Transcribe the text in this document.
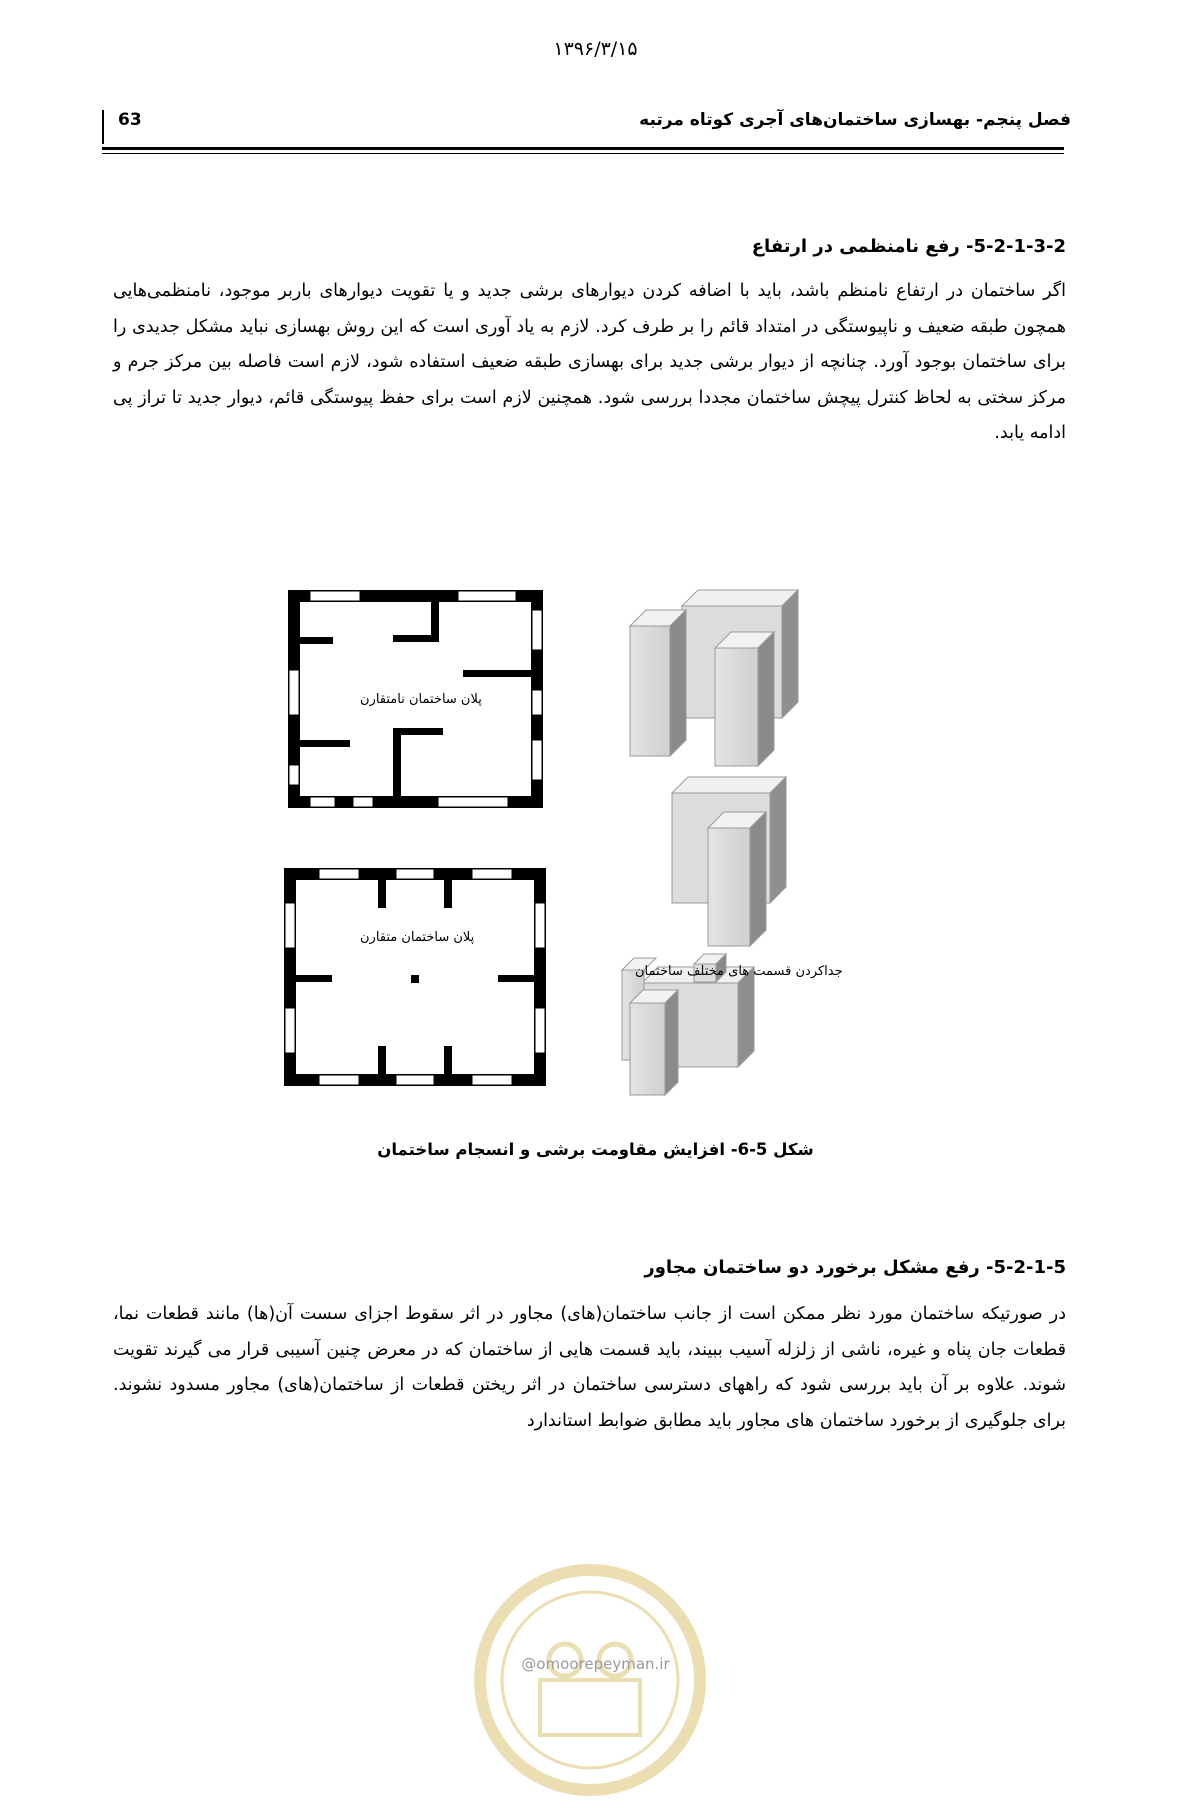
۱۳۹۶/۳/۱۵
63	فصل پنجم- بهسازی ساختمان‌های آجری کوتاه مرتبه
5-2-1-3-2- رفع نامنظمی در ارتفاع

اگر ساختمان در ارتفاع نامنظم باشد، باید با اضافه کردن دیوارهای برشی جدید و یا تقویت دیوارهای باربر موجود، نامنظمی‌هایی همچون طبقه ضعیف و ناپیوستگی در امتداد قائم را بر طرف کرد. لازم به یاد آوری است که این روش بهسازی نباید مشکل جدیدی را برای ساختمان بوجود آورد. چنانچه از دیوار برشی جدید برای بهسازی طبقه ضعیف استفاده شود، لازم است فاصله بین مرکز جرم و مرکز سختی به لحاظ کنترل پیچش ساختمان مجددا بررسی شود. همچنین لازم است برای حفظ پیوستگی قائم، دیوار جدید تا تراز پی ادامه یابد.

پلان ساختمان نامتقارن
پلان ساختمان متقارن
جداکردن قسمت های مختلف ساختمان
شکل 5-6- افزایش مقاومت برشی و انسجام ساختمان
5-2-1-5- رفع مشکل برخورد دو ساختمان مجاور

در صورتیکه ساختمان مورد نظر ممکن است از جانب ساختمان(های) مجاور در اثر سقوط اجزای سست آن(ها) مانند قطعات نما، قطعات جان پناه و غیره، ناشی از زلزله آسیب ببیند، باید قسمت هایی از ساختمان که در معرض چنین آسیبی قرار می گیرند تقویت شوند. علاوه بر آن باید بررسی شود که راههای دسترسی ساختمان در اثر ریختن قطعات از ساختمان(های) مجاور مسدود نشوند. برای جلوگیری از برخورد ساختمان های مجاور باید مطابق ضوابط استاندارد

@omoorepeyman.ir
